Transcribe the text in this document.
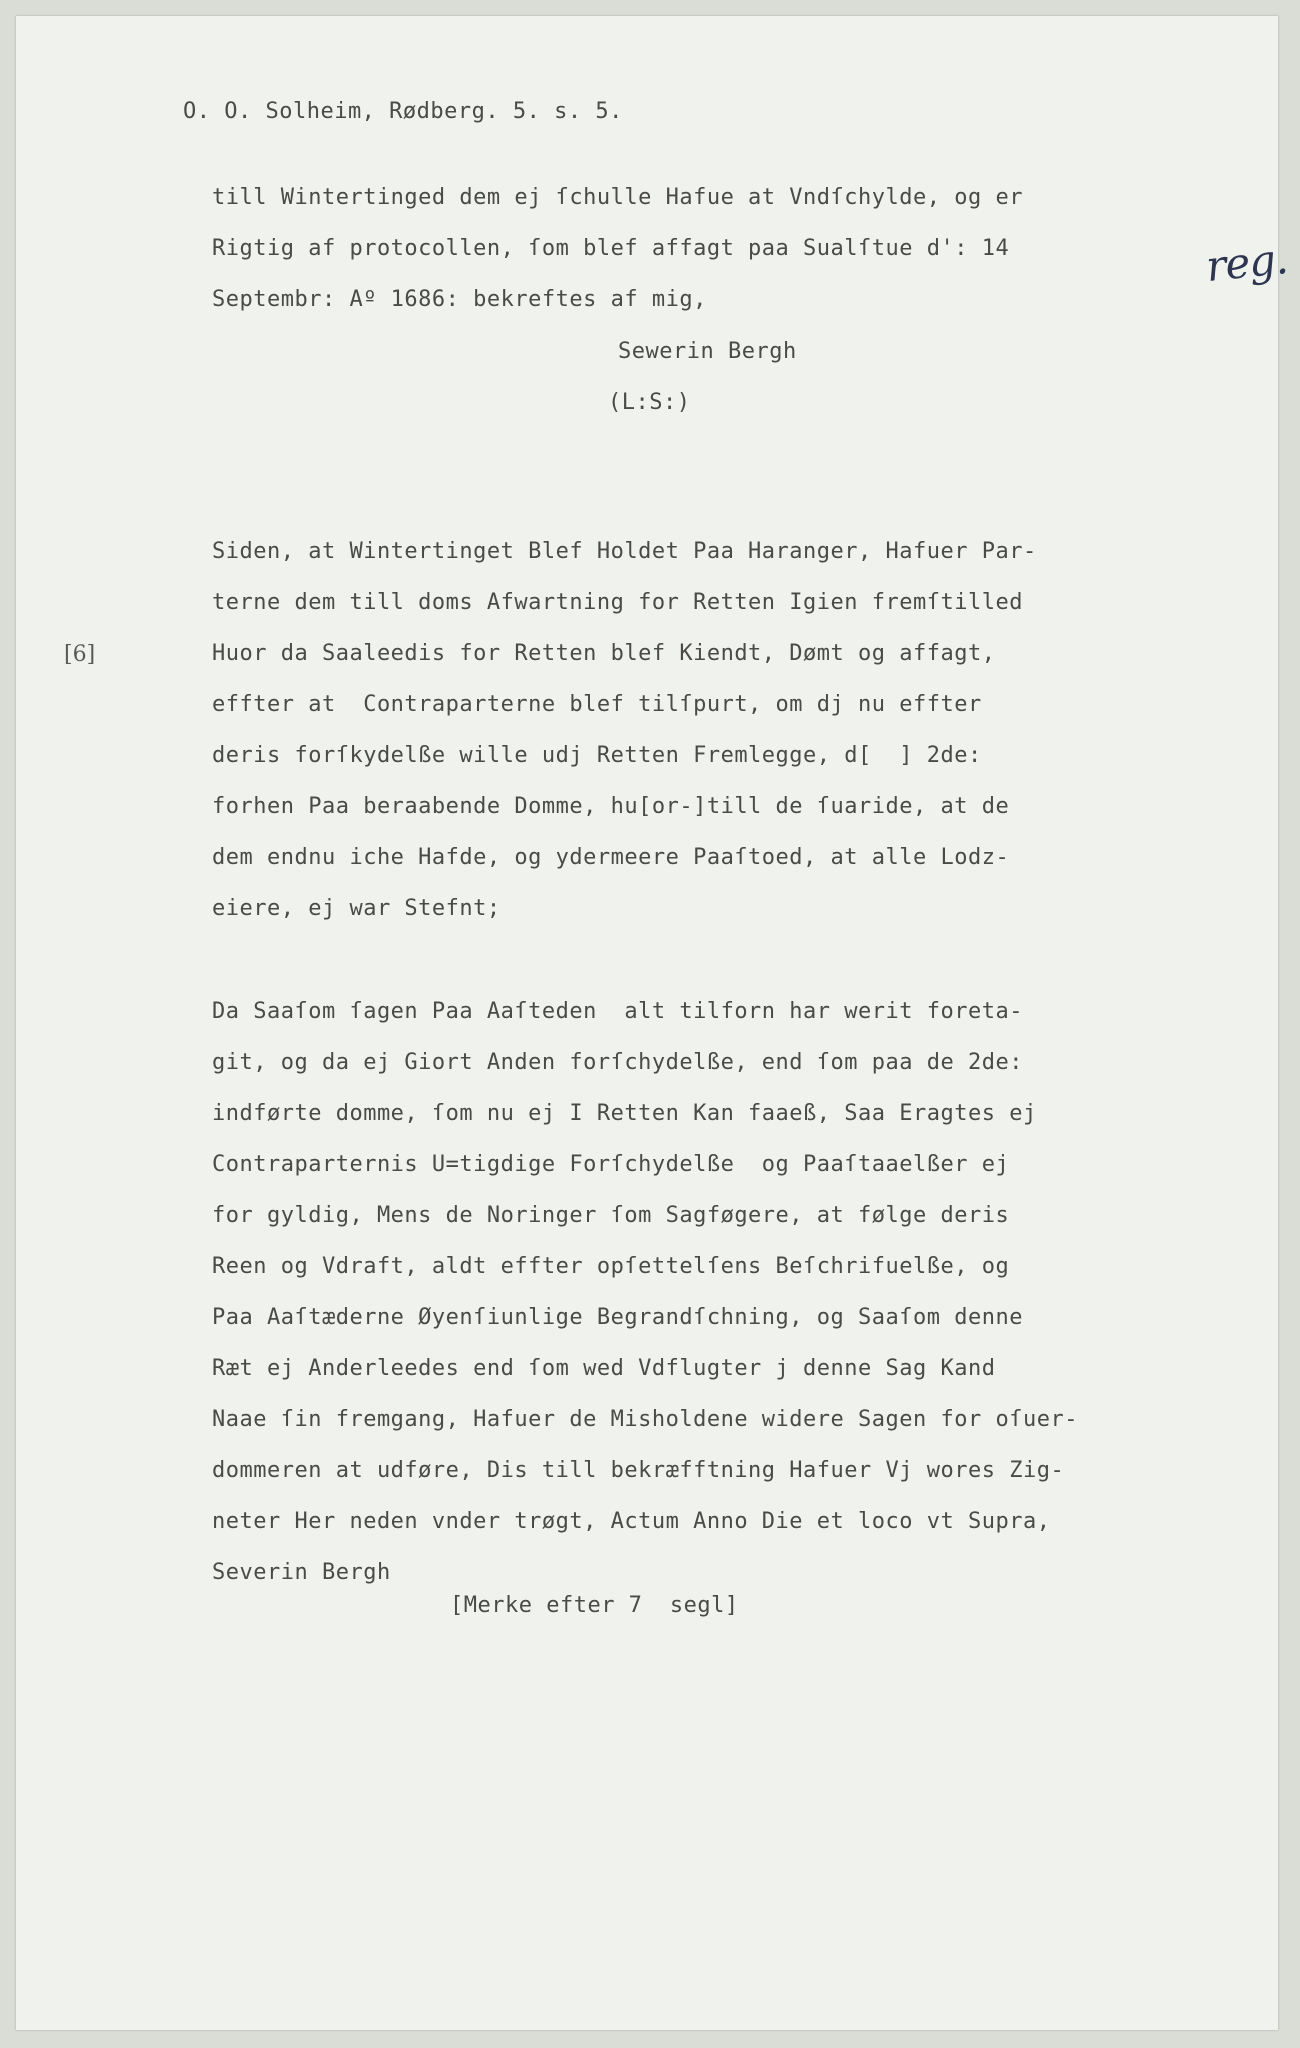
O. O. Solheim, Rødberg. 5. s. 5.
reg.
[6]
till Wintertinged dem ej ſchulle Hafue at Vndſchylde, og er
Rigtig af protocollen, ſom blef affagt paa Sualſtue d': 14
Septembr: Aº 1686: bekreftes af mig,
Sewerin Bergh
(L:S:)
Siden, at Wintertinget Blef Holdet Paa Haranger, Hafuer Par-
terne dem till doms Afwartning for Retten Igien fremſtilled
Huor da Saaleedis for Retten blef Kiendt, Dømt og affagt,
effter at  Contraparterne blef tilſpurt, om dj nu effter
deris forſkydelße wille udj Retten Fremlegge, d[  ] 2de:
forhen Paa beraabende Domme, hu[or-]till de ſuaride, at de
dem endnu iche Hafde, og ydermeere Paaſtoed, at alle Lodz-
eiere, ej war Stefnt;
Da Saaſom ſagen Paa Aaſteden  alt tilforn har werit foreta-
git, og da ej Giort Anden forſchydelße, end ſom paa de 2de:
indførte domme, ſom nu ej I Retten Kan faaeß, Saa Eragtes ej
Contraparternis U=tigdige Forſchydelße  og Paaſtaaelßer ej
for gyldig, Mens de Noringer ſom Sagføgere, at følge deris
Reen og Vdraft, aldt effter opſettelſens Beſchrifuelße, og
Paa Aaſtæderne Øyenſiunlige Begrandſchning, og Saaſom denne
Ræt ej Anderleedes end ſom wed Vdflugter j denne Sag Kand
Naae ſin fremgang, Hafuer de Misholdene widere Sagen for oſuer-
dommeren at udføre, Dis till bekræfftning Hafuer Vj wores Zig-
neter Her neden vnder trøgt, Actum Anno Die et loco vt Supra,
Severin Bergh
[Merke efter 7  segl]
